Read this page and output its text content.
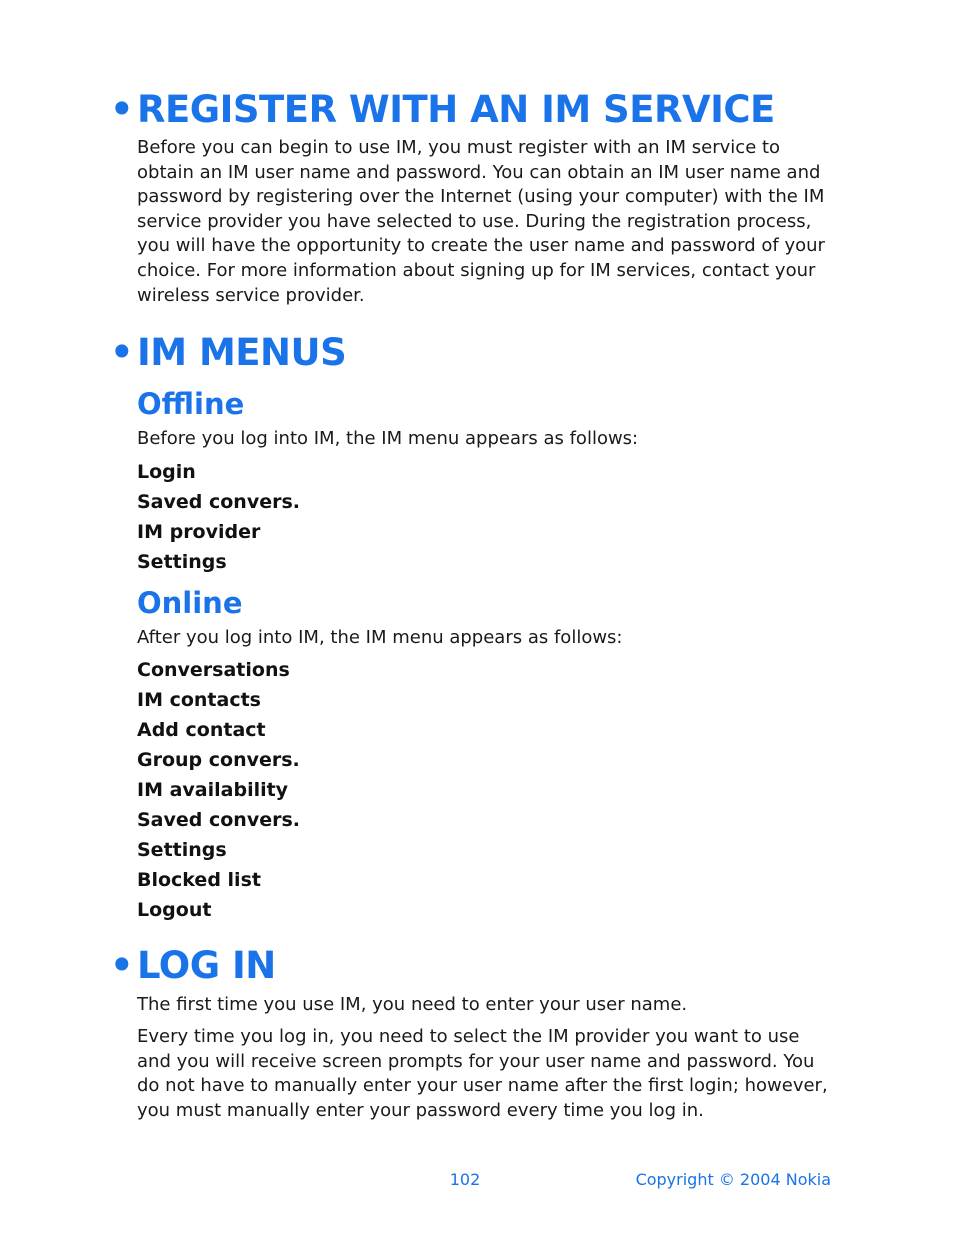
• REGISTER WITH AN IM SERVICE

Before you can begin to use IM, you must register with an IM service to obtain an IM user name and password. You can obtain an IM user name and password by registering over the Internet (using your computer) with the IM service provider you have selected to use. During the registration process, you will have the opportunity to create the user name and password of your choice. For more information about signing up for IM services, contact your wireless service provider.

• IM MENUS
Offline

Before you log into IM, the IM menu appears as follows:

Login
Saved convers.
IM provider
Settings
Online

After you log into IM, the IM menu appears as follows:

Conversations
IM contacts
Add contact
Group convers.
IM availability
Saved convers.
Settings
Blocked list
Logout
• LOG IN

The first time you use IM, you need to enter your user name.

Every time you log in, you need to select the IM provider you want to use and you will receive screen prompts for your user name and password. You do not have to manually enter your user name after the first login; however, you must manually enter your password every time you log in.

102	Copyright © 2004 Nokia
